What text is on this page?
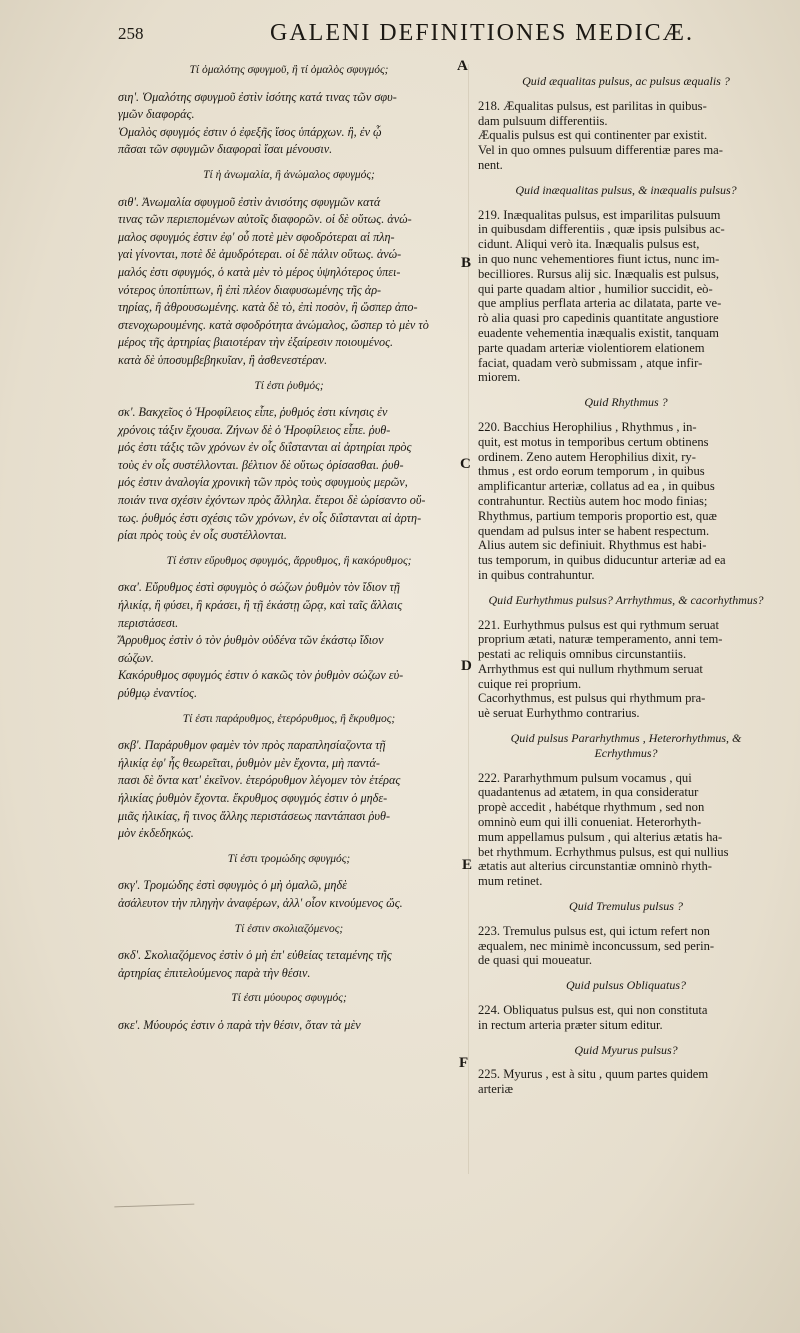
258	GALENI DEFINITIONES MEDICÆ.
A
B
C
D
E
F
Τί ὁμαλότης σφυγμοῦ, ἢ τί ὁμαλὸς σφυγμός;

σιη'. Ὁμαλότης σφυγμοῦ ἐστὶν ἰσότης κατά τινας τῶν σφυ-

γμῶν διαφοράς.

Ὁμαλὸς σφυγμός ἐστιν ὁ ἐφεξῆς ἴσος ὑπάρχων. ἢ, ἐν ᾧ

πᾶσαι τῶν σφυγμῶν διαφοραὶ ἴσαι μένουσιν.

Τί ἡ ἀνωμαλία, ἢ ἀνώμαλος σφυγμός;

σιθ'. Ἀνωμαλία σφυγμοῦ ἐστὶν ἀνισότης σφυγμῶν κατά

τινας τῶν περιεπομένων αὐτοῖς διαφορῶν. οἱ δὲ οὕτως. ἀνώ-

μαλος σφυγμός ἐστιν ἐφ' οὗ ποτὲ μὲν σφοδρότεραι αἱ πλη-

γαὶ γίνονται, ποτὲ δὲ ἀμυδρότεραι. οἱ δὲ πάλιν οὕτως. ἀνώ-

μαλός ἐστι σφυγμός, ὁ κατὰ μὲν τὸ μέρος ὑψηλότερος ὑπει-

νότερος ὑποπίπτων, ἢ ἐπὶ πλέον διαφυσωμένης τῆς ἀρ-

τηρίας, ἢ ἀθρουσωμένης. κατὰ δὲ τὸ, ἐπὶ ποσὸν, ἢ ὥσπερ ἀπο-

στενοχωρουμένης. κατὰ σφοδρότητα ἀνώμαλος, ὥσπερ τὸ μὲν τὸ

μέρος τῆς ἀρτηρίας βιαιοτέραν τὴν ἐξαίρεσιν ποιουμένος.

κατὰ δὲ ὑποσυμβεβηκυῖαν, ἢ ἀσθενεστέραν.

Τί ἐστι ῥυθμός;

σκ'. Βακχεῖος ὁ Ἡροφίλειος εἶπε, ῥυθμός ἐστι κίνησις ἐν

χρόνοις τάξιν ἔχουσα. Ζήνων δὲ ὁ Ἡροφίλειος εἶπε. ῥυθ-

μός ἐστι τάξις τῶν χρόνων ἐν οἷς διΐστανται αἱ ἀρτηρίαι πρὸς

τοὺς ἐν οἷς συστέλλονται. βέλτιον δὲ οὕτως ὁρίσασθαι. ῥυθ-

μός ἐστιν ἀναλογία χρονικὴ τῶν πρὸς τοὺς σφυγμοὺς μερῶν,

ποιάν τινα σχέσιν ἐχόντων πρὸς ἄλληλα. ἕτεροι δὲ ὡρίσαντο οὕ-

τως. ῥυθμός ἐστι σχέσις τῶν χρόνων, ἐν οἷς διΐστανται αἱ ἀρτη-

ρίαι πρὸς τοὺς ἐν οἷς συστέλλονται.

Τί ἐστιν εὔρυθμος σφυγμός, ἄρρυθμος, ἢ κακόρυθμος;

σκα'. Εὔρυθμος ἐστὶ σφυγμὸς ὁ σώζων ῥυθμὸν τὸν ἴδιον τῇ

ἡλικίᾳ, ἢ φύσει, ἢ κράσει, ἢ τῇ ἑκάστῃ ὥρᾳ, καὶ ταῖς ἄλλαις

περιστάσεσι.

Ἄρρυθμος ἐστὶν ὁ τὸν ῥυθμὸν οὐδένα τῶν ἑκάστῳ ἴδιον

σώζων.

Κακόρυθμος σφυγμός ἐστιν ὁ κακῶς τὸν ῥυθμὸν σώζων εὐ-

ρύθμῳ ἐναντίος.

Τί ἐστι παράρυθμος, ἑτερόρυθμος, ἢ ἔκρυθμος;

σκβ'. Παράρυθμον φαμὲν τὸν πρὸς παραπλησίαζοντα τῇ

ἡλικίᾳ ἐφ' ἧς θεωρεῖται, ῥυθμὸν μὲν ἔχοντα, μὴ παντά-

πασι δὲ ὄντα κατ' ἐκεῖνον. ἑτερόρυθμον λέγομεν τὸν ἑτέρας

ἡλικίας ῥυθμὸν ἔχοντα. ἔκρυθμος σφυγμός ἐστιν ὁ μηδε-

μιᾶς ἡλικίας, ἢ τινος ἄλλης περιστάσεως παντάπασι ῥυθ-

μὸν ἐκδεδηκώς.

Τί ἐστι τρομώδης σφυγμός;

σκγ'. Τρομώδης ἐστὶ σφυγμὸς ὁ μὴ ὁμαλῶ, μηδὲ

ἀσάλευτον τὴν πληγὴν ἀναφέρων, ἀλλ' οἷον κινούμενος ὤς.

Τί ἐστιν σκολιαζόμενος;

σκδ'. Σκολιαζόμενος ἐστὶν ὁ μὴ ἐπ' εὐθείας τεταμένης τῆς

ἀρτηρίας ἐπιτελούμενος παρὰ τὴν θέσιν.

Τί ἐστι μύουρος σφυγμός;

σκε'. Μύουρός ἐστιν ὁ παρὰ τὴν θέσιν, ὅταν τὰ μὲν

Quid æqualitas pulsus, ac pulsus æqualis ?

218. Æqualitas pulsus, est parilitas in quibus-

dam pulsuum differentiis.

Æqualis pulsus est qui continenter par existit.

Vel in quo omnes pulsuum differentiæ pares ma-

nent.

Quid inæqualitas pulsus, & inæqualis pulsus?

219. Inæqualitas pulsus, est imparilitas pulsuum

in quibusdam differentiis , quæ ipsis pulsibus ac-

cidunt. Aliqui verò ita. Inæqualis pulsus est,

in quo nunc vehementiores fiunt ictus, nunc im-

becilliores. Rursus alij sic. Inæqualis est pulsus,

qui parte quadam altior , humilior succidit, eò-

que amplius perflata arteria ac dilatata, parte ve-

rò alia quasi pro capedinis quantitate angustiore

euadente vehementia inæqualis existit, tanquam

parte quadam arteriæ violentiorem elationem

faciat, quadam verò submissam , atque infir-

miorem.

Quid Rhythmus ?

220. Bacchius Herophilius , Rhythmus , in-

quit, est motus in temporibus certum obtinens

ordinem. Zeno autem Herophilius dixit, ry-

thmus , est ordo eorum temporum , in quibus

amplificantur arteriæ, collatus ad ea , in quibus

contrahuntur. Rectiùs autem hoc modo finias;

Rhythmus, partium temporis proportio est, quæ

quendam ad pulsus inter se habent respectum.

Alius autem sic definiuit. Rhythmus est habi-

tus temporum, in quibus diducuntur arteriæ ad ea

in quibus contrahuntur.

Quid Eurhythmus pulsus? Arrhythmus, & cacorhythmus?

221. Eurhythmus pulsus est qui rythmum seruat

proprium ætati, naturæ temperamento, anni tem-

pestati ac reliquis omnibus circunstantiis.

Arrhythmus est qui nullum rhythmum seruat

cuique rei proprium.

Cacorhythmus, est pulsus qui rhythmum pra-

uè seruat Eurhythmo contrarius.

Quid pulsus Pararhythmus , Heterorhythmus, & Ecrhythmus?

222. Pararhythmum pulsum vocamus , qui

quadantenus ad ætatem, in qua consideratur

propè accedit , habétque rhythmum , sed non

omninò eum qui illi conueniat. Heterorhyth-

mum appellamus pulsum , qui alterius ætatis ha-

bet rhythmum. Ecrhythmus pulsus, est qui nullius

ætatis aut alterius circunstantiæ omninò rhyth-

mum retinet.

Quid Tremulus pulsus ?

223. Tremulus pulsus est, qui ictum refert non

æqualem, nec minimè inconcussum, sed perin-

de quasi qui moueatur.

Quid pulsus Obliquatus?

224. Obliquatus pulsus est, qui non constituta

in rectum arteria præter situm editur.

Quid Myurus pulsus?

225. Myurus , est à situ , quum partes quidem

arteriæ
